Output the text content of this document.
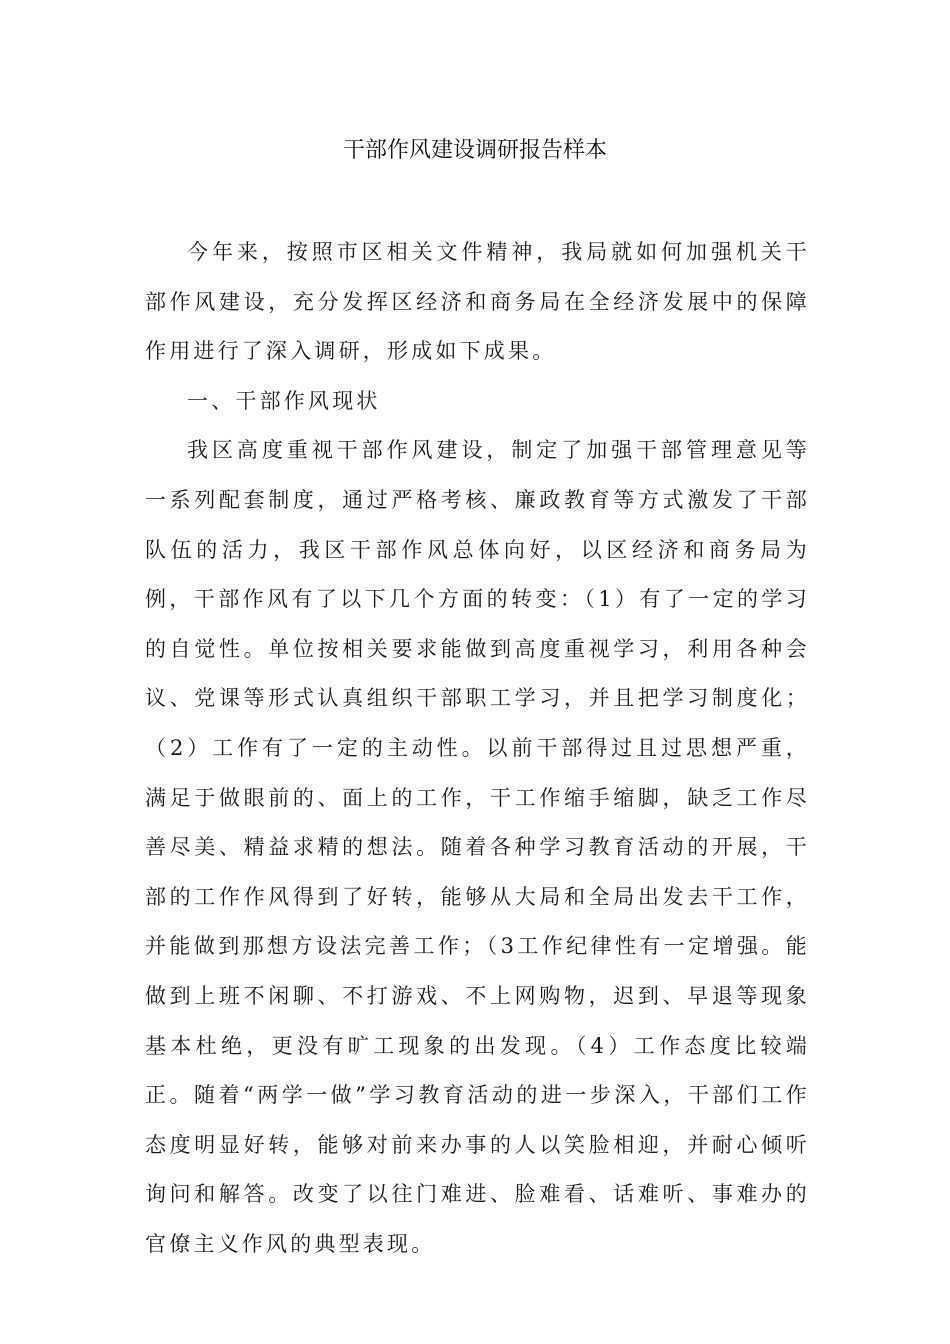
干部作风建设调研报告样本

今年来，按照市区相关文件精神，我局就如何加强机关干部作风建设，充分发挥区经济和商务局在全经济发展中的保障作用进行了深入调研，形成如下成果。

一、干部作风现状

我区高度重视干部作风建设，制定了加强干部管理意见等一系列配套制度，通过严格考核、廉政教育等方式激发了干部队伍的活力，我区干部作风总体向好，以区经济和商务局为例，干部作风有了以下几个方面的转变：（1）有了一定的学习的自觉性。单位按相关要求能做到高度重视学习，利用各种会议、党课等形式认真组织干部职工学习，并且把学习制度化；（2）工作有了一定的主动性。以前干部得过且过思想严重，满足于做眼前的、面上的工作，干工作缩手缩脚，缺乏工作尽善尽美、精益求精的想法。随着各种学习教育活动的开展，干部的工作作风得到了好转，能够从大局和全局出发去干工作，并能做到那想方设法完善工作；（3工作纪律性有一定增强。能做到上班不闲聊、不打游戏、不上网购物，迟到、早退等现象基本杜绝，更没有旷工现象的出发现。（4）工作态度比较端正。随着“两学一做”学习教育活动的进一步深入，干部们工作态度明显好转，能够对前来办事的人以笑脸相迎，并耐心倾听询问和解答。改变了以往门难进、脸难看、话难听、事难办的官僚主义作风的典型表现。
